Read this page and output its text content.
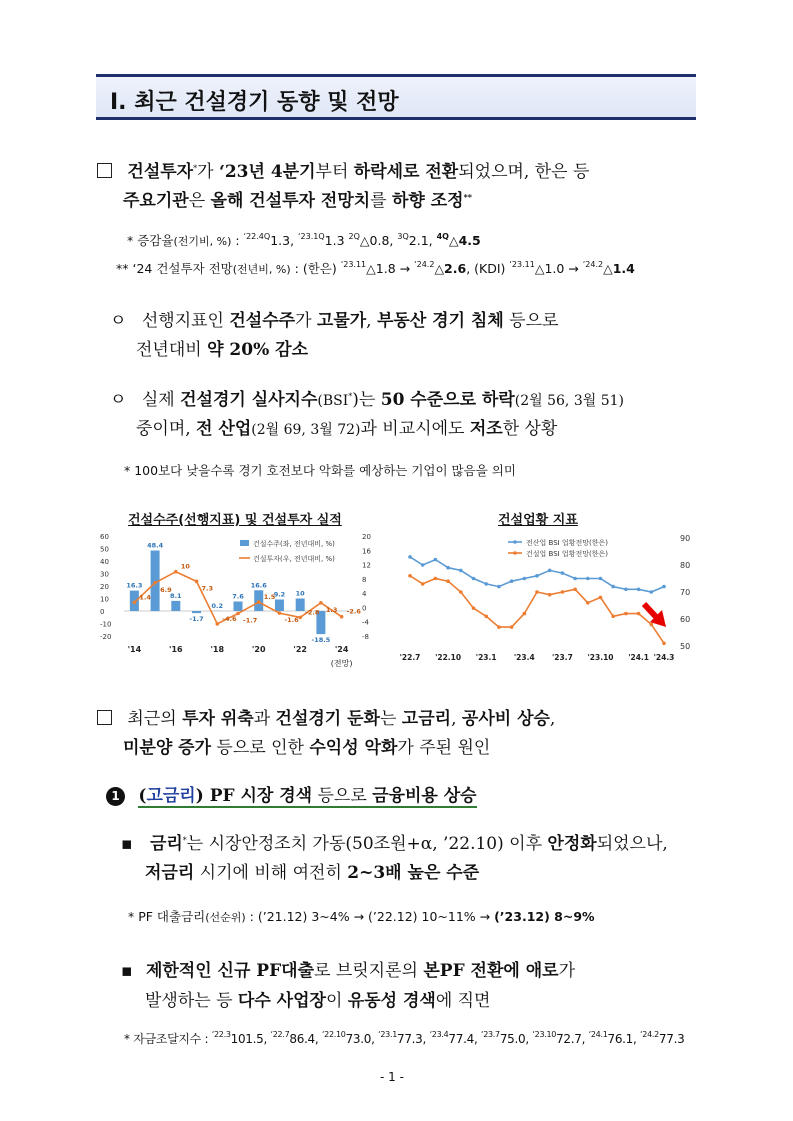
Ⅰ. 최근 건설경기 동향 및 전망
건설투자*가 ‘23년 4분기부터 하락세로 전환되었으며, 한은 등
주요기관은 올해 건설투자 전망치를 하향 조정**
* 증감율(전기비, %) : $^{‘22.4Q}$1.3, $^{‘23.1Q}$1.3 $^{2Q}$△0.8, $^{3Q}$2.1, $^{4Q}$△4.5
** ‘24 건설투자 전망(전년비, %) : (한은) $^{‘23.11}$△1.8 → $^{‘24.2}$△2.6, (KDI) $^{‘23.11}$△1.0 → $^{‘24.2}$△1.4
ㅇ 선행지표인 건설수주가 고물가, 부동산 경기 침체 등으로
전년대비 약 20% 감소
ㅇ 실제 건설경기 실사지수(BSI*)는 50 수준으로 하락(2월 56, 3월 51)
중이며, 전 산업(2월 69, 3월 72)과 비교시에도 저조한 상황
* 100보다 낮을수록 경기 호전보다 악화를 예상하는 기업이 많음을 의미
건설수주(선행지표) 및 건설투자 실적
60
50
40
30
20
10
0
-10
-20
20
16
12
8
4
0
-4
-8
16.3
48.4
8.1
-1.7
0.2
7.6
16.6
9.2 10
-18.5
1.4
6.9
10
7.3
-4.6 -1.7
1.5
-1.6
-2.8 1.3 -2.6
'14	'16	'18	'20	'22	'24
(전망)
건설수주(좌, 전년대비, %)
건설투자(우, 전년대비, %)
건설업황 지표
90
80
70
60
50
전산업 BSI 업황전망(한은)
건설업 BSI 업황전망(한은)
'22.7 '22.10 '23.1 '23.4 '23.7 '23.10 '24.1 '24.3
최근의 투자 위축과 건설경기 둔화는 고금리, 공사비 상승,
미분양 증가 등으로 인한 수익성 악화가 주된 원인
1 (고금리) PF 시장 경색 등으로 금융비용 상승
▪ 금리*는 시장안정조치 가동(50조원+α, ’22.10) 이후 안정화되었으나,
저금리 시기에 비해 여전히 2~3배 높은 수준
* PF 대출금리(선순위) : (’21.12) 3~4% → (’22.12) 10~11% → (’23.12) 8~9%
▪ 제한적인 신규 PF대출로 브릿지론의 본PF 전환에 애로가
발생하는 등 다수 사업장이 유동성 경색에 직면
* 자금조달지수 : $^{‘22.3}$101.5, $^{‘22.7}$86.4, $^{‘22.10}$73.0, $^{‘23.1}$77.3, $^{‘23.4}$77.4, $^{‘23.7}$75.0, $^{‘23.10}$72.7, $^{‘24.1}$76.1, $^{‘24.2}$77.3
- 1 -
